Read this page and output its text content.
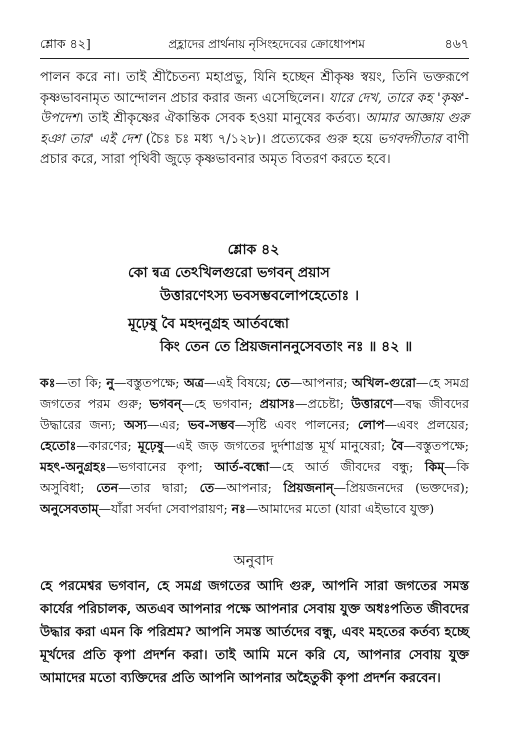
শ্লোক ৪২]	প্রহ্লাদের প্রার্থনায় নৃসিংহদেবের ক্রোধোপশম	৪৬৭
পালন করে না। তাই শ্রীচৈতন্য মহাপ্রভু, যিনি হচ্ছেন শ্রীকৃষ্ণ স্বয়ং, তিনি ভক্তরূপে কৃষ্ণভাবনামৃত আন্দোলন প্রচার করার জন্য এসেছিলেন। যারে দেখ, তারে কহ 'কৃষ্ণ'-উপদেশ। তাই শ্রীকৃষ্ণের ঐকান্তিক সেবক হওয়া মানুষের কর্তব্য। আমার আজ্ঞায় গুরু হঞা তার' এই দেশ (চৈঃ চঃ মধ্য ৭/১২৮)। প্রত্যেকের গুরু হয়ে ভগবদ্গীতার বাণী প্রচার করে, সারা পৃথিবী জুড়ে কৃষ্ণভাবনার অমৃত বিতরণ করতে হবে।
শ্লোক ৪২
কো ন্বত্র তেঽখিলগুরো ভগবন্ প্রয়াস
উত্তারণেঽস্য ভবসম্ভবলোপহেতোঃ ।
মূঢ়েষু বৈ মহদনুগ্রহ আর্তবন্ধো
কিং তেন তে প্রিয়জনাননুসেবতাং নঃ ॥ ৪২ ॥
কঃ—তা কি; নু—বস্তুতপক্ষে; অত্র—এই বিষয়ে; তে—আপনার; অখিল-গুরো—হে সমগ্র জগতের পরম গুরু; ভগবন্—হে ভগবান; প্রয়াসঃ—প্রচেষ্টা; উত্তারণে—বদ্ধ জীবদের উদ্ধারের জন্য; অস্য—এর; ভব-সম্ভব—সৃষ্টি এবং পালনের; লোপ—এবং প্রলয়ের; হেতোঃ—কারণের; মূঢ়েষু—এই জড় জগতের দুর্দশাগ্রস্ত মূর্খ মানুষেরা; বৈ—বস্তুতপক্ষে; মহৎ-অনুগ্রহঃ—ভগবানের কৃপা; আর্ত-বন্ধো—হে আর্ত জীবদের বন্ধু; কিম্—কি অসুবিধা; তেন—তার দ্বারা; তে—আপনার; প্রিয়জনান্—প্রিয়জনদের (ভক্তদের); অনুসেবতাম্—যাঁরা সর্বদা সেবাপরায়ণ; নঃ—আমাদের মতো (যারা এইভাবে যুক্ত)
অনুবাদ
হে পরমেশ্বর ভগবান, হে সমগ্র জগতের আদি গুরু, আপনি সারা জগতের সমস্ত কার্যের পরিচালক, অতএব আপনার পক্ষে আপনার সেবায় যুক্ত অধঃপতিত জীবদের উদ্ধার করা এমন কি পরিশ্রম? আপনি সমস্ত আর্তদের বন্ধু, এবং মহতের কর্তব্য হচ্ছে মূর্খদের প্রতি কৃপা প্রদর্শন করা। তাই আমি মনে করি যে, আপনার সেবায় যুক্ত আমাদের মতো ব্যক্তিদের প্রতি আপনি আপনার অহৈতুকী কৃপা প্রদর্শন করবেন।
